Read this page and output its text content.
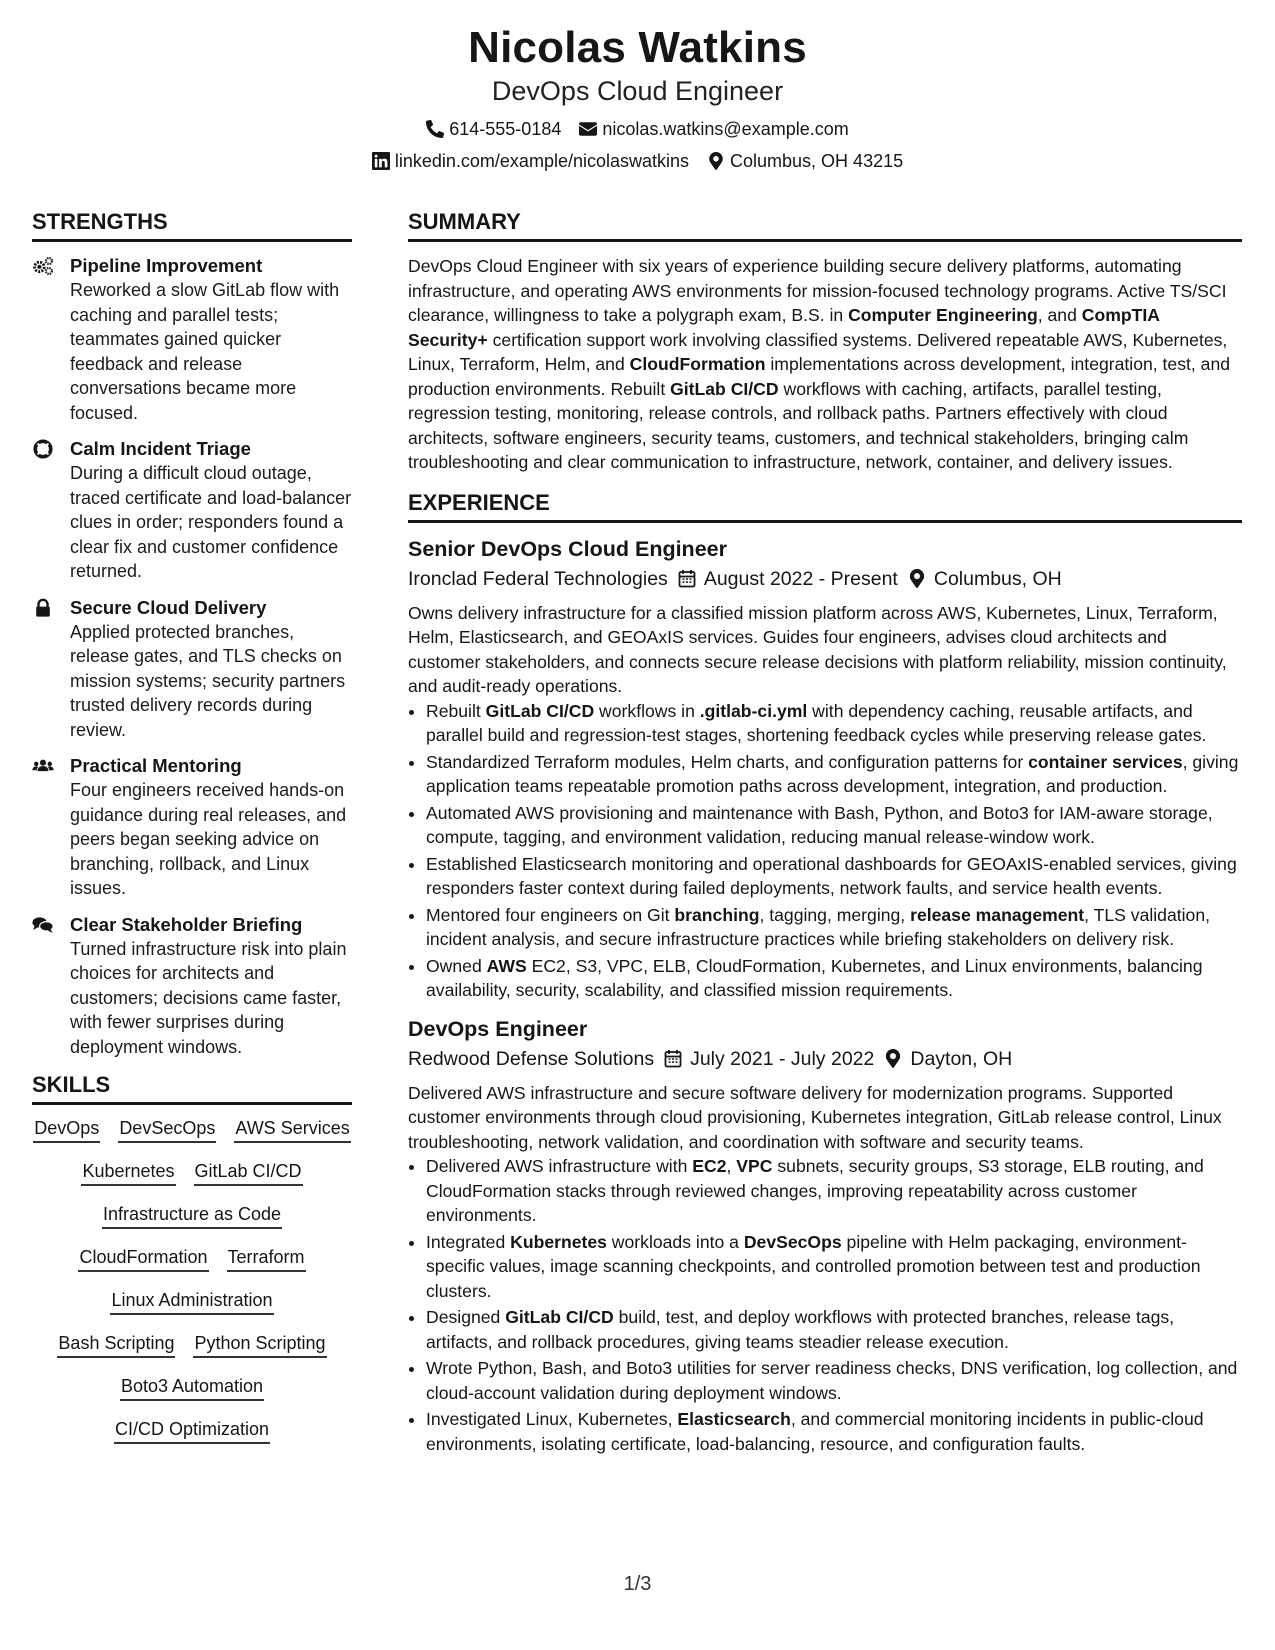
Nicolas Watkins
DevOps Cloud Engineer
614-555-0184 nicolas.watkins@example.com
linkedin.com/example/nicolaswatkins Columbus, OH 43215
STRENGTHS
Pipeline Improvement
Reworked a slow GitLab flow with caching and parallel tests; teammates gained quicker feedback and release conversations became more focused.
Calm Incident Triage
During a difficult cloud outage, traced certificate and load-balancer clues in order; responders found a clear fix and customer confidence returned.
Secure Cloud Delivery
Applied protected branches, release gates, and TLS checks on mission systems; security partners trusted delivery records during review.
Practical Mentoring
Four engineers received hands-on guidance during real releases, and peers began seeking advice on branching, rollback, and Linux issues.
Clear Stakeholder Briefing
Turned infrastructure risk into plain choices for architects and customers; decisions came faster, with fewer surprises during deployment windows.
SKILLS
DevOps DevSecOps AWS Services
Kubernetes GitLab CI/CD
Infrastructure as Code
CloudFormation Terraform
Linux Administration
Bash Scripting Python Scripting
Boto3 Automation
CI/CD Optimization
SUMMARY
DevOps Cloud Engineer with six years of experience building secure delivery platforms, automating infrastructure, and operating AWS environments for mission-focused technology programs. Active TS/SCI clearance, willingness to take a polygraph exam, B.S. in Computer Engineering, and CompTIA Security+ certification support work involving classified systems. Delivered repeatable AWS, Kubernetes, Linux, Terraform, Helm, and CloudFormation implementations across development, integration, test, and production environments. Rebuilt GitLab CI/CD workflows with caching, artifacts, parallel testing, regression testing, monitoring, release controls, and rollback paths. Partners effectively with cloud architects, software engineers, security teams, customers, and technical stakeholders, bringing calm troubleshooting and clear communication to infrastructure, network, container, and delivery issues.
EXPERIENCE
Senior DevOps Cloud Engineer
Ironclad Federal Technologies August 2022 - Present Columbus, OH
Owns delivery infrastructure for a classified mission platform across AWS, Kubernetes, Linux, Terraform, Helm, Elasticsearch, and GEOAxIS services. Guides four engineers, advises cloud architects and customer stakeholders, and connects secure release decisions with platform reliability, mission continuity, and audit-ready operations.
• Rebuilt GitLab CI/CD workflows in .gitlab-ci.yml with dependency caching, reusable artifacts, and parallel build and regression-test stages, shortening feedback cycles while preserving release gates.
• Standardized Terraform modules, Helm charts, and configuration patterns for container services, giving application teams repeatable promotion paths across development, integration, and production.
• Automated AWS provisioning and maintenance with Bash, Python, and Boto3 for IAM-aware storage, compute, tagging, and environment validation, reducing manual release-window work.
• Established Elasticsearch monitoring and operational dashboards for GEOAxIS-enabled services, giving responders faster context during failed deployments, network faults, and service health events.
• Mentored four engineers on Git branching, tagging, merging, release management, TLS validation, incident analysis, and secure infrastructure practices while briefing stakeholders on delivery risk.
• Owned AWS EC2, S3, VPC, ELB, CloudFormation, Kubernetes, and Linux environments, balancing availability, security, scalability, and classified mission requirements.
DevOps Engineer
Redwood Defense Solutions July 2021 - July 2022 Dayton, OH
Delivered AWS infrastructure and secure software delivery for modernization programs. Supported customer environments through cloud provisioning, Kubernetes integration, GitLab release control, Linux troubleshooting, network validation, and coordination with software and security teams.
• Delivered AWS infrastructure with EC2, VPC subnets, security groups, S3 storage, ELB routing, and CloudFormation stacks through reviewed changes, improving repeatability across customer environments.
• Integrated Kubernetes workloads into a DevSecOps pipeline with Helm packaging, environment-specific values, image scanning checkpoints, and controlled promotion between test and production clusters.
• Designed GitLab CI/CD build, test, and deploy workflows with protected branches, release tags, artifacts, and rollback procedures, giving teams steadier release execution.
• Wrote Python, Bash, and Boto3 utilities for server readiness checks, DNS verification, log collection, and cloud-account validation during deployment windows.
• Investigated Linux, Kubernetes, Elasticsearch, and commercial monitoring incidents in public-cloud environments, isolating certificate, load-balancing, resource, and configuration faults.
1/3
